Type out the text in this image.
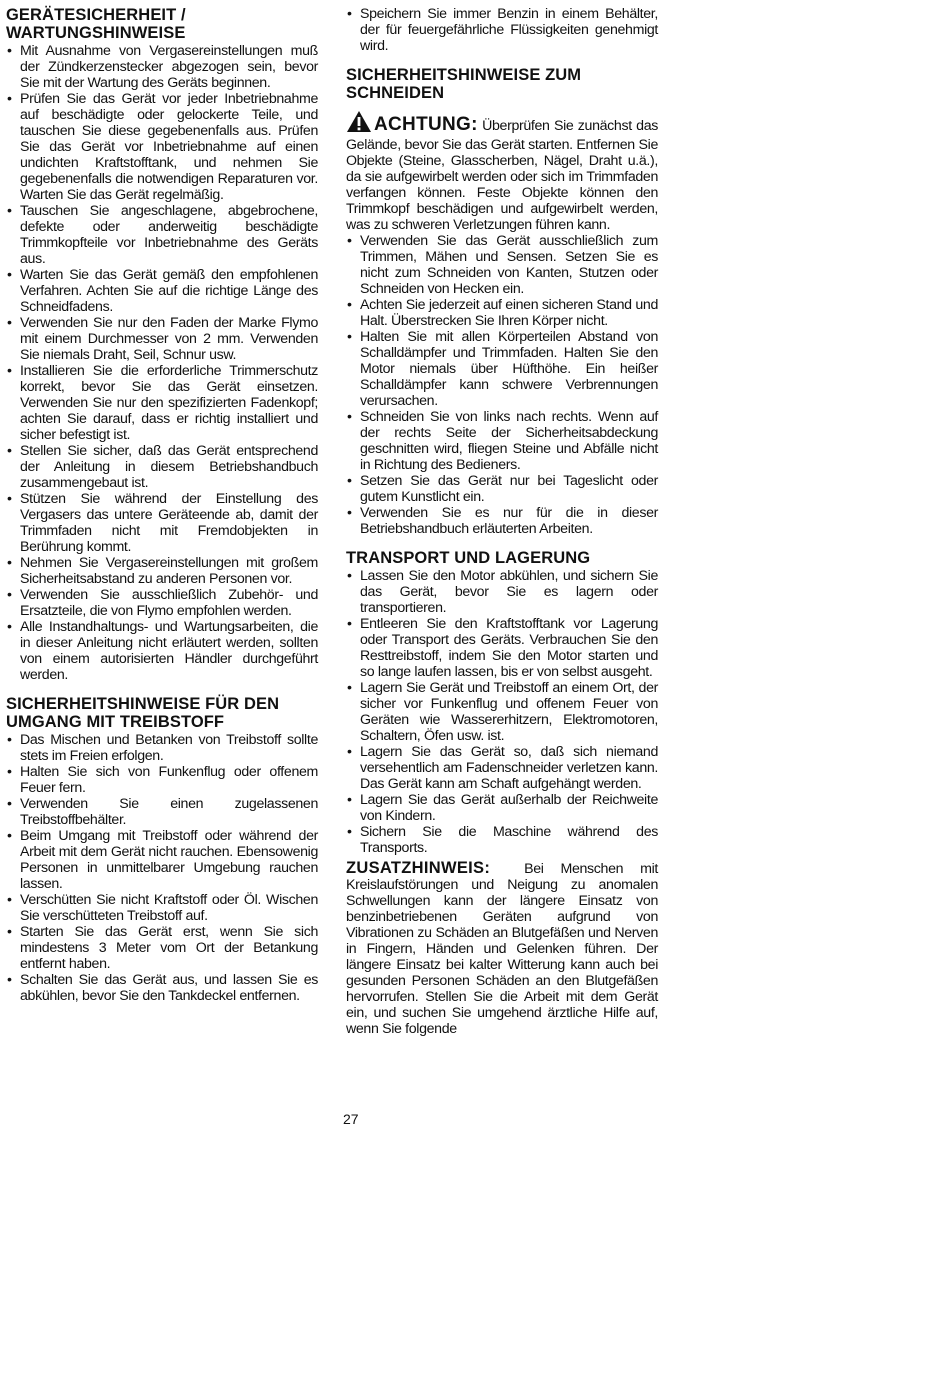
GERÄTESICHERHEIT / WARTUNGSHINWEISE
• Mit Ausnahme von Vergasereinstellungen muß der Zündkerzenstecker abgezogen sein, bevor Sie mit der Wartung des Geräts beginnen.
• Prüfen Sie das Gerät vor jeder Inbetriebnahme auf beschädigte oder gelockerte Teile, und tauschen Sie diese gegebenenfalls aus. Prüfen Sie das Gerät vor Inbetriebnahme auf einen undichten Kraftstofftank, und nehmen Sie gegebenenfalls die notwendigen Reparaturen vor. Warten Sie das Gerät regelmäßig.
• Tauschen Sie angeschlagene, abgebrochene, defekte oder anderweitig beschädigte Trimmkopfteile vor Inbetriebnahme des Geräts aus.
• Warten Sie das Gerät gemäß den empfohlenen Verfahren. Achten Sie auf die richtige Länge des Schneidfadens.
• Verwenden Sie nur den Faden der Marke Flymo mit einem Durchmesser von 2 mm. Verwenden Sie niemals Draht, Seil, Schnur usw.
• Installieren Sie die erforderliche Trimmerschutz korrekt, bevor Sie das Gerät einsetzen. Verwenden Sie nur den spezifizierten Fadenkopf; achten Sie darauf, dass er richtig installiert und sicher befestigt ist.
• Stellen Sie sicher, daß das Gerät entsprechend der Anleitung in diesem Betriebshandbuch zusammengebaut ist.
• Stützen Sie während der Einstellung des Vergasers das untere Geräteende ab, damit der Trimmfaden nicht mit Fremdobjekten in Berührung kommt.
• Nehmen Sie Vergasereinstellungen mit großem Sicherheitsabstand zu anderen Personen vor.
• Verwenden Sie ausschließlich Zubehör- und Ersatzteile, die von Flymo empfohlen werden.
• Alle Instandhaltungs- und Wartungsarbeiten, die in dieser Anleitung nicht erläutert werden, sollten von einem autorisierten Händler durchgeführt werden.
SICHERHEITSHINWEISE FÜR DEN UMGANG MIT TREIBSTOFF
• Das Mischen und Betanken von Treibstoff sollte stets im Freien erfolgen.
• Halten Sie sich von Funkenflug oder offenem Feuer fern.
• Verwenden Sie einen zugelassenen Treibstoffbehälter.
• Beim Umgang mit Treibstoff oder während der Arbeit mit dem Gerät nicht rauchen. Ebensowenig Personen in unmittelbarer Umgebung rauchen lassen.
• Verschütten Sie nicht Kraftstoff oder Öl. Wischen Sie verschütteten Treibstoff auf.
• Starten Sie das Gerät erst, wenn Sie sich mindestens 3 Meter vom Ort der Betankung entfernt haben.
• Schalten Sie das Gerät aus, und lassen Sie es abkühlen, bevor Sie den Tankdeckel entfernen.
• Speichern Sie immer Benzin in einem Behälter, der für feuergefährliche Flüssigkeiten genehmigt wird.
SICHERHEITSHINWEISE ZUM SCHNEIDEN

ACHTUNG: Überprüfen Sie zunächst das Gelände, bevor Sie das Gerät starten. Entfernen Sie Objekte (Steine, Glasscherben, Nägel, Draht u.ä.), da sie aufgewirbelt werden oder sich im Trimmfaden verfangen können. Feste Objekte können den Trimmkopf beschädigen und aufgewirbelt werden, was zu schweren Verletzungen führen kann.

• Verwenden Sie das Gerät ausschließlich zum Trimmen, Mähen und Sensen. Setzen Sie es nicht zum Schneiden von Kanten, Stutzen oder Schneiden von Hecken ein.
• Achten Sie jederzeit auf einen sicheren Stand und Halt. Überstrecken Sie Ihren Körper nicht.
• Halten Sie mit allen Körperteilen Abstand von Schalldämpfer und Trimmfaden. Halten Sie den Motor niemals über Hüfthöhe. Ein heißer Schalldämpfer kann schwere Verbrennungen verursachen.
• Schneiden Sie von links nach rechts. Wenn auf der rechts Seite der Sicherheitsabdeckung geschnitten wird, fliegen Steine und Abfälle nicht in Richtung des Bedieners.
• Setzen Sie das Gerät nur bei Tageslicht oder gutem Kunstlicht ein.
• Verwenden Sie es nur für die in dieser Betriebshandbuch erläuterten Arbeiten.
TRANSPORT UND LAGERUNG
• Lassen Sie den Motor abkühlen, und sichern Sie das Gerät, bevor Sie es lagern oder transportieren.
• Entleeren Sie den Kraftstofftank vor Lagerung oder Transport des Geräts. Verbrauchen Sie den Resttreibstoff, indem Sie den Motor starten und so lange laufen lassen, bis er von selbst ausgeht.
• Lagern Sie Gerät und Treibstoff an einem Ort, der sicher vor Funkenflug und offenem Feuer von Geräten wie Wassererhitzern, Elektromotoren, Schaltern, Öfen usw. ist.
• Lagern Sie das Gerät so, daß sich niemand versehentlich am Fadenschneider verletzen kann. Das Gerät kann am Schaft aufgehängt werden.
• Lagern Sie das Gerät außerhalb der Reichweite von Kindern.
• Sichern Sie die Maschine während des Transports.

ZUSATZHINWEIS: Bei Menschen mit Kreislaufstörungen und Neigung zu anomalen Schwellungen kann der längere Einsatz von benzinbetriebenen Geräten aufgrund von Vibrationen zu Schäden an Blutgefäßen und Nerven in Fingern, Händen und Gelenken führen. Der längere Einsatz bei kalter Witterung kann auch bei gesunden Personen Schäden an den Blutgefäßen hervorrufen. Stellen Sie die Arbeit mit dem Gerät ein, und suchen Sie umgehend ärztliche Hilfe auf, wenn Sie folgende

27
